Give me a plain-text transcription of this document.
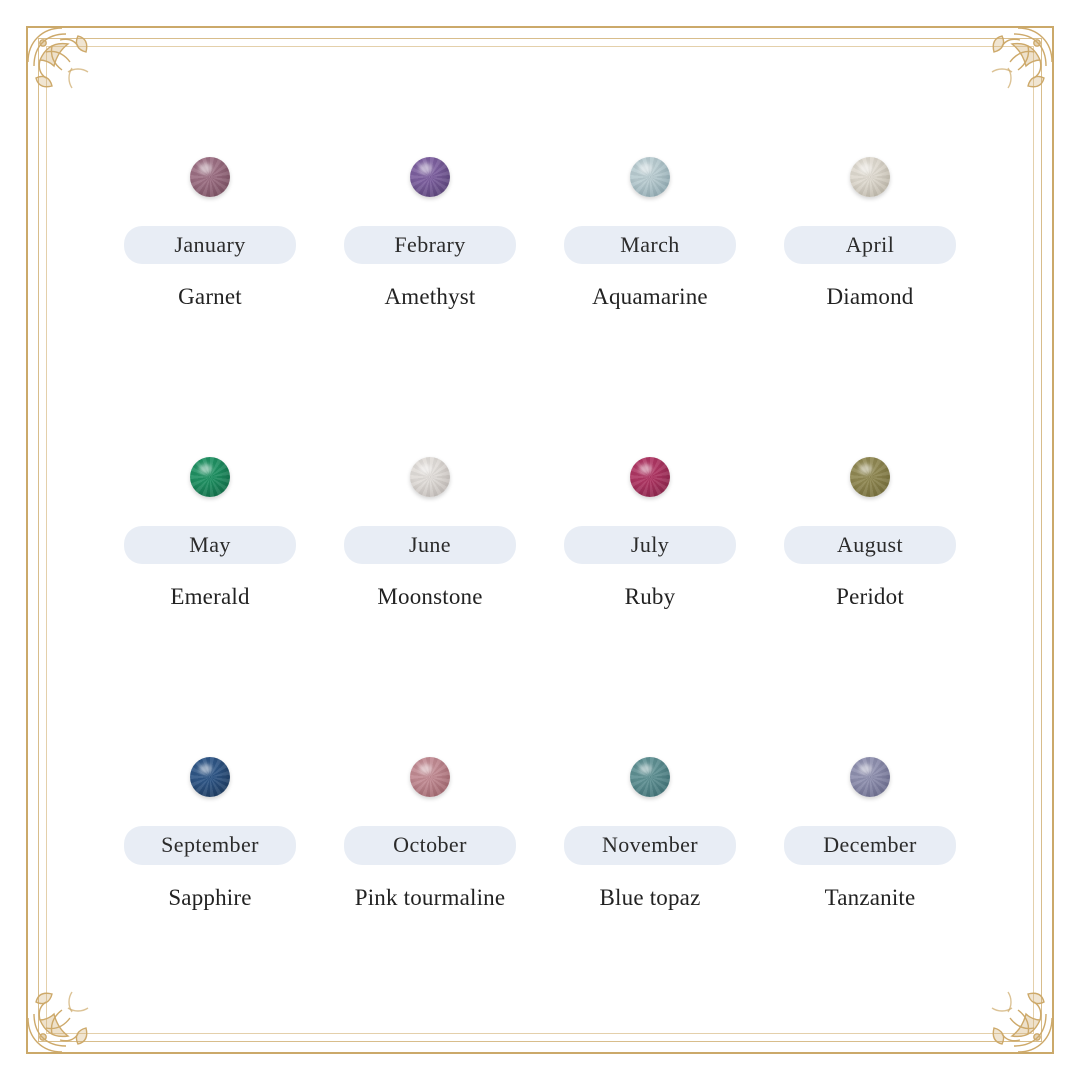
January
Garnet
Febrary
Amethyst
March
Aquamarine
April
Diamond
May
Emerald
June
Moonstone
July
Ruby
August
Peridot
September
Sapphire
October
Pink tourmaline
November
Blue topaz
December
Tanzanite
